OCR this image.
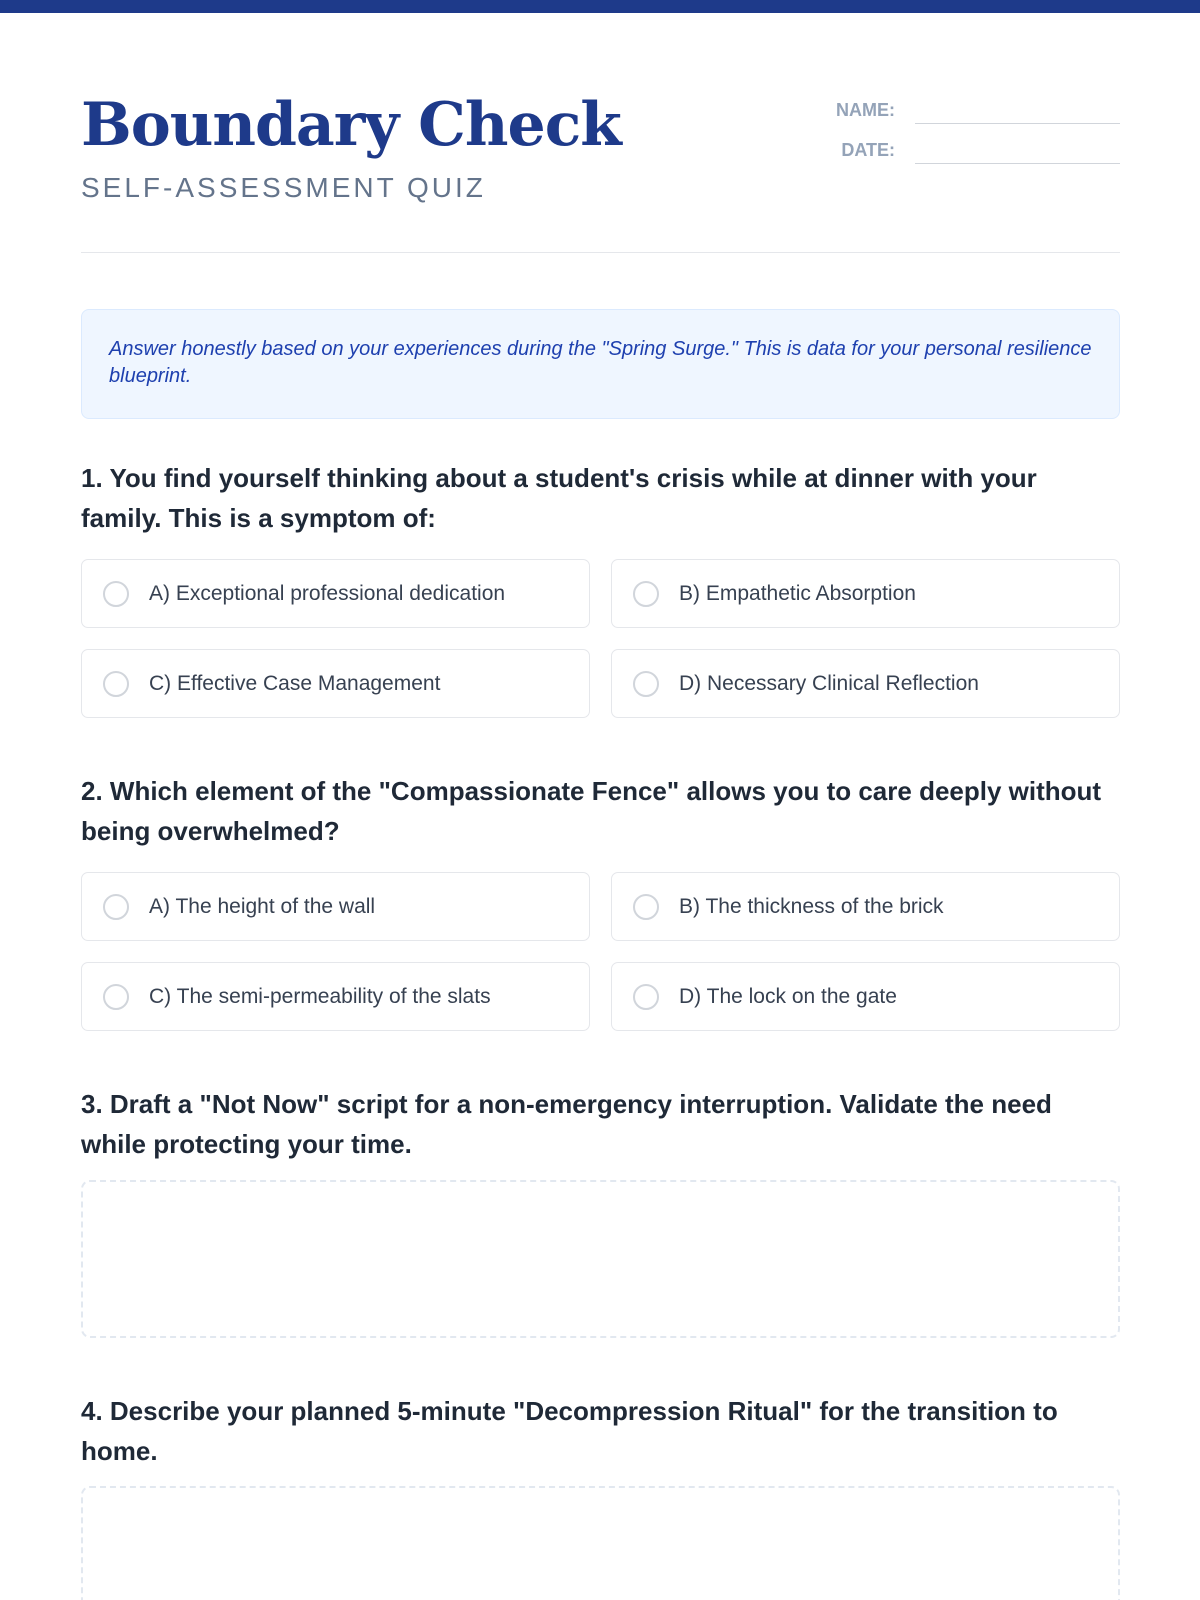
Boundary Check
SELF-ASSESSMENT QUIZ
NAME:
DATE:

Answer honestly based on your experiences during the "Spring Surge." This is data for your personal resilience blueprint.

1. You find yourself thinking about a student's crisis while at dinner with your family. This is a symptom of:

A) Exceptional professional dedication	B) Empathetic Absorption
C) Effective Case Management	D) Necessary Clinical Reflection

2. Which element of the "Compassionate Fence" allows you to care deeply without being overwhelmed?

A) The height of the wall	B) The thickness of the brick
C) The semi-permeability of the slats	D) The lock on the gate

3. Draft a "Not Now" script for a non-emergency interruption. Validate the need while protecting your time.

4. Describe your planned 5-minute "Decompression Ritual" for the transition to home.
